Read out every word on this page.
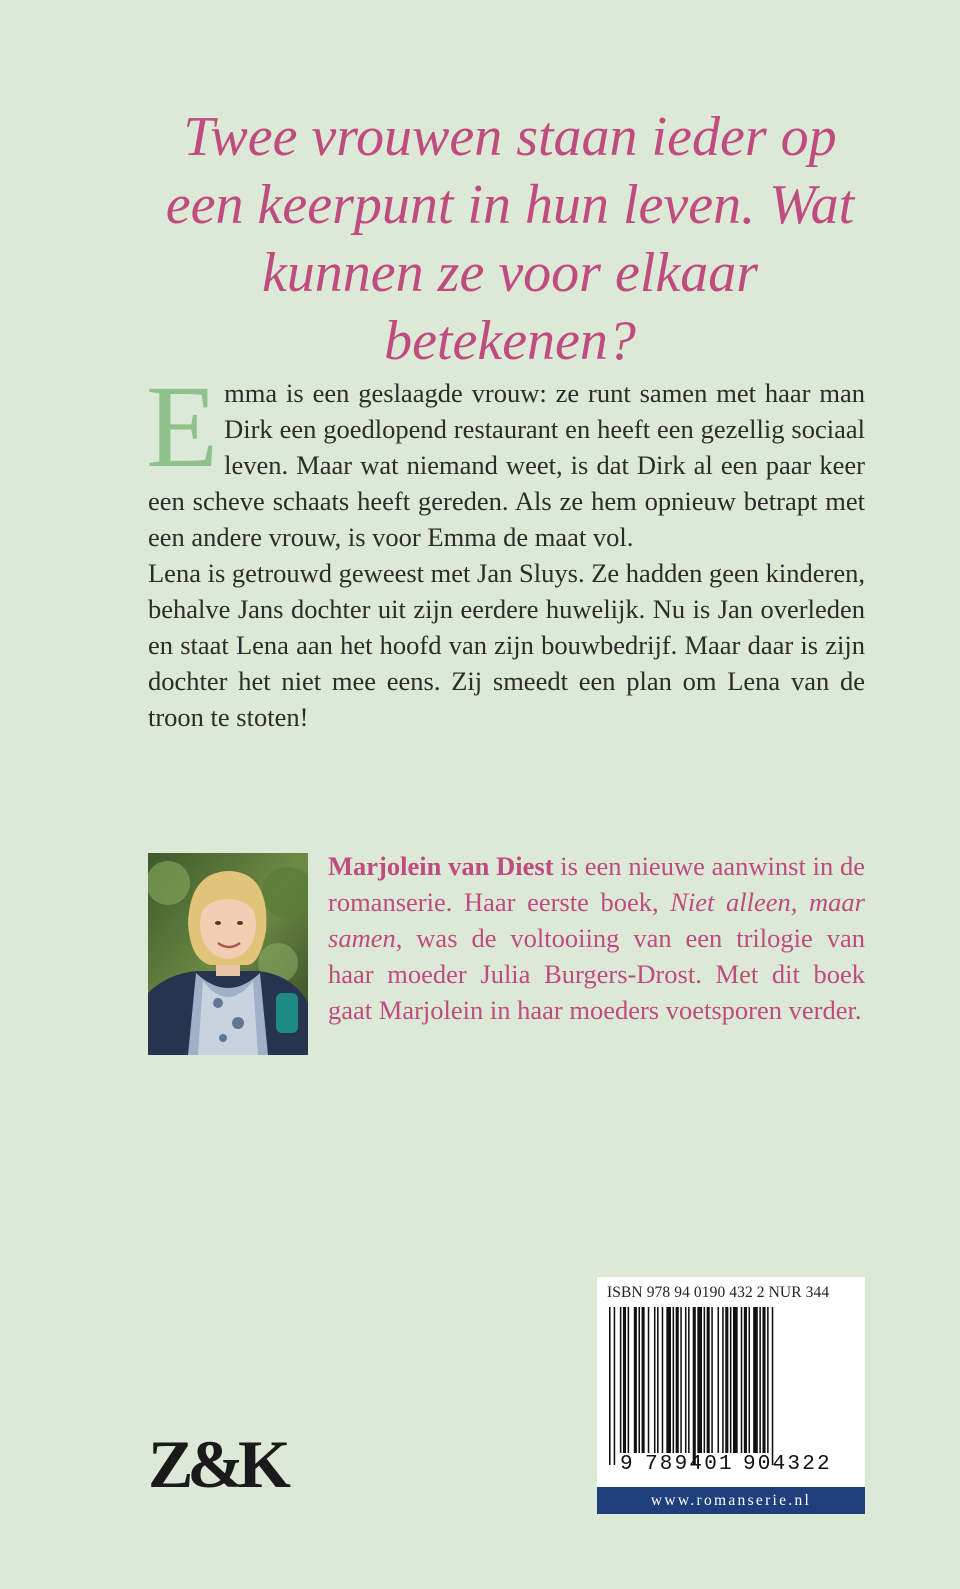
Twee vrouwen staan ieder op een keerpunt in hun leven. Wat kunnen ze voor elkaar betekenen?

Emma is een geslaagde vrouw: ze runt samen met haar man Dirk een goedlopend restaurant en heeft een gezellig sociaal leven. Maar wat niemand weet, is dat Dirk al een paar keer een scheve schaats heeft gereden. Als ze hem opnieuw betrapt met een andere vrouw, is voor Emma de maat vol.

Lena is getrouwd geweest met Jan Sluys. Ze hadden geen kinderen, behalve Jans dochter uit zijn eerdere huwelijk. Nu is Jan overleden en staat Lena aan het hoofd van zijn bouwbedrijf. Maar daar is zijn dochter het niet mee eens. Zij smeedt een plan om Lena van de troon te stoten!

Marjolein van Diest is een nieuwe aanwinst in de romanserie. Haar eerste boek, Niet alleen, maar samen, was de voltooiing van een trilogie van haar moeder Julia Burgers-Drost. Met dit boek gaat Marjolein in haar moeders voetsporen verder.

ISBN 978 94 0190 432 2 NUR 344
9 789401 904322
www.romanserie.nl
Z&K
